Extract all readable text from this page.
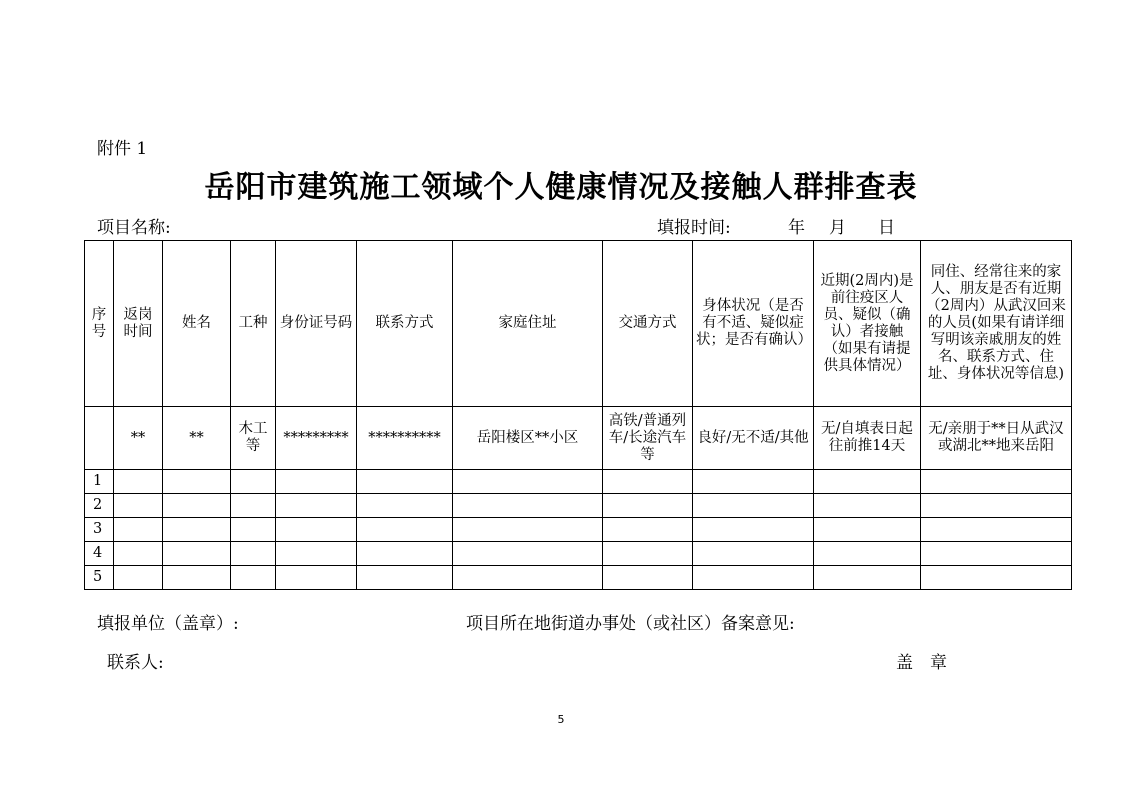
附件 1
岳阳市建筑施工领域个人健康情况及接触人群排查表
项目名称:	填报时间:	年 月 日
序号	返岗时间	姓名	工种	身份证号码	联系方式	家庭住址	交通方式	身体状况（是否有不适、疑似症状；是否有确认）	近期(2周内)是前往疫区人员、疑似（确认）者接触（如果有请提供具体情况）	同住、经常往来的家人、朋友是否有近期（2周内）从武汉回来的人员(如果有请详细写明该亲戚朋友的姓名、联系方式、住址、身体状况等信息)
	**	**	木工等	*********	**********	岳阳楼区**小区	高铁/普通列车/长途汽车等	良好/无不适/其他	无/自填表日起往前推14天	无/亲朋于**日从武汉或湖北**地来岳阳
1										
2										
3										
4										
5										
填报单位（盖章）:	项目所在地街道办事处（或社区）备案意见:
联系人:	盖　章
5
